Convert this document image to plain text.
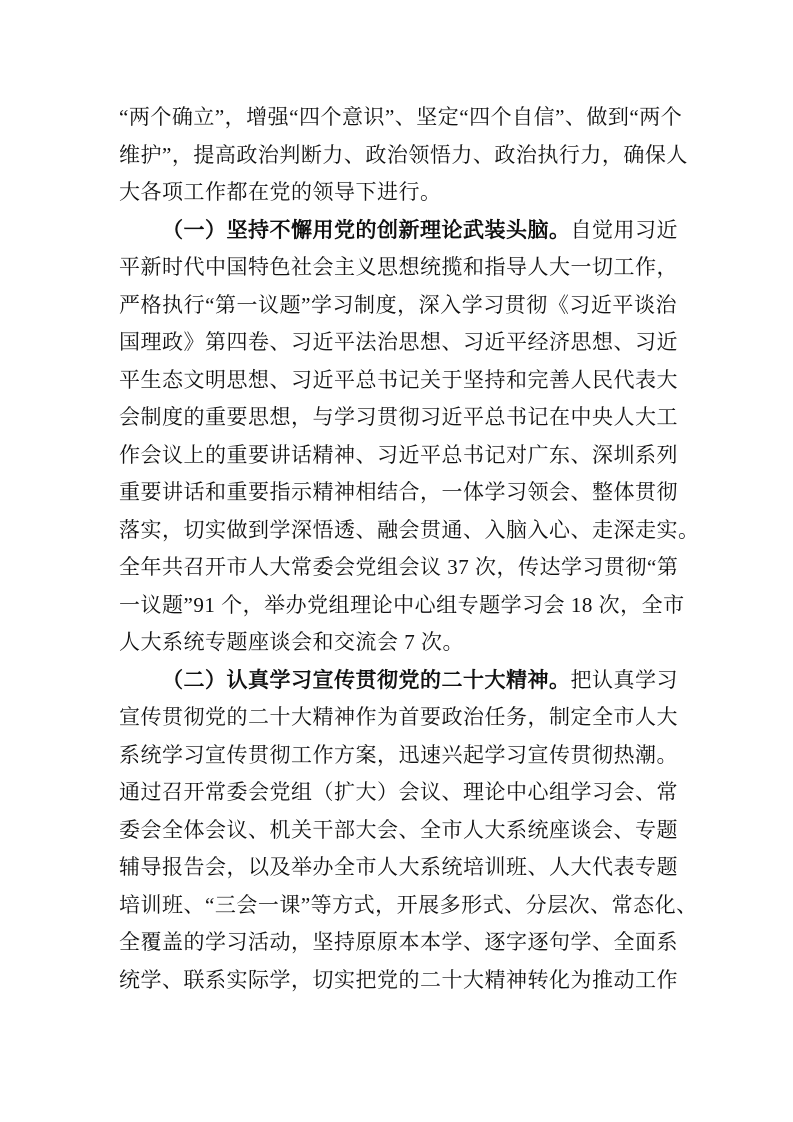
“两个确立”，增强“四个意识”、坚定“四个自信”、做到“两个
维护”，提高政治判断力、政治领悟力、政治执行力，确保人
大各项工作都在党的领导下进行。
（一）坚持不懈用党的创新理论武装头脑。自觉用习近
平新时代中国特色社会主义思想统揽和指导人大一切工作，
严格执行“第一议题”学习制度，深入学习贯彻《习近平谈治
国理政》第四卷、习近平法治思想、习近平经济思想、习近
平生态文明思想、习近平总书记关于坚持和完善人民代表大
会制度的重要思想，与学习贯彻习近平总书记在中央人大工
作会议上的重要讲话精神、习近平总书记对广东、深圳系列
重要讲话和重要指示精神相结合，一体学习领会、整体贯彻
落实，切实做到学深悟透、融会贯通、入脑入心、走深走实。
全年共召开市人大常委会党组会议 37 次，传达学习贯彻“第
一议题”91 个，举办党组理论中心组专题学习会 18 次，全市
人大系统专题座谈会和交流会 7 次。
（二）认真学习宣传贯彻党的二十大精神。把认真学习
宣传贯彻党的二十大精神作为首要政治任务，制定全市人大
系统学习宣传贯彻工作方案，迅速兴起学习宣传贯彻热潮。
通过召开常委会党组（扩大）会议、理论中心组学习会、常
委会全体会议、机关干部大会、全市人大系统座谈会、专题
辅导报告会，以及举办全市人大系统培训班、人大代表专题
培训班、“三会一课”等方式，开展多形式、分层次、常态化、
全覆盖的学习活动，坚持原原本本学、逐字逐句学、全面系
统学、联系实际学，切实把党的二十大精神转化为推动工作
